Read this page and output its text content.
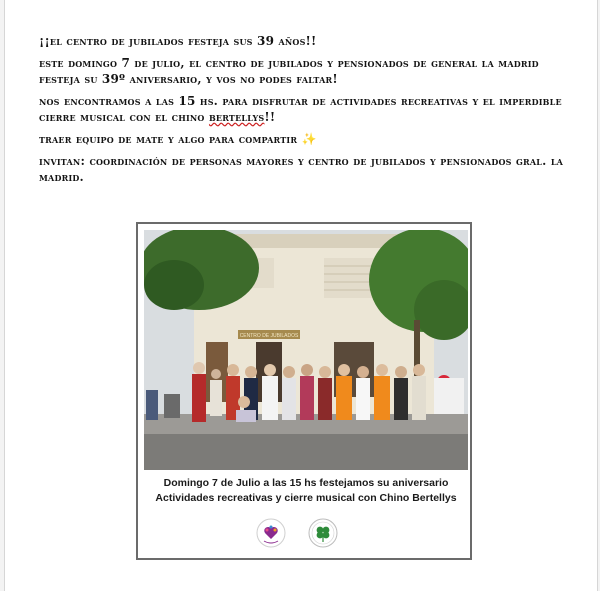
¡¡el centro de jubilados festeja sus 39 años!!

este domingo 7 de julio, el centro de jubilados y pensionados de general la madrid festeja su 39º aniversario, y vos no podes faltar!

nos encontramos a las 15 hs. para disfrutar de actividades recreativas y el imperdible cierre musical con el chino bertellys!!

traer equipo de mate y algo para compartir ✨

invitan: coordinación de personas mayores y centro de jubilados y pensionados gral. la madrid.

CENTRO DE JUBILADOS
Domingo 7 de Julio a las 15 hs festejamos su aniversario
Actividades recreativas y cierre musical con Chino Bertellys
